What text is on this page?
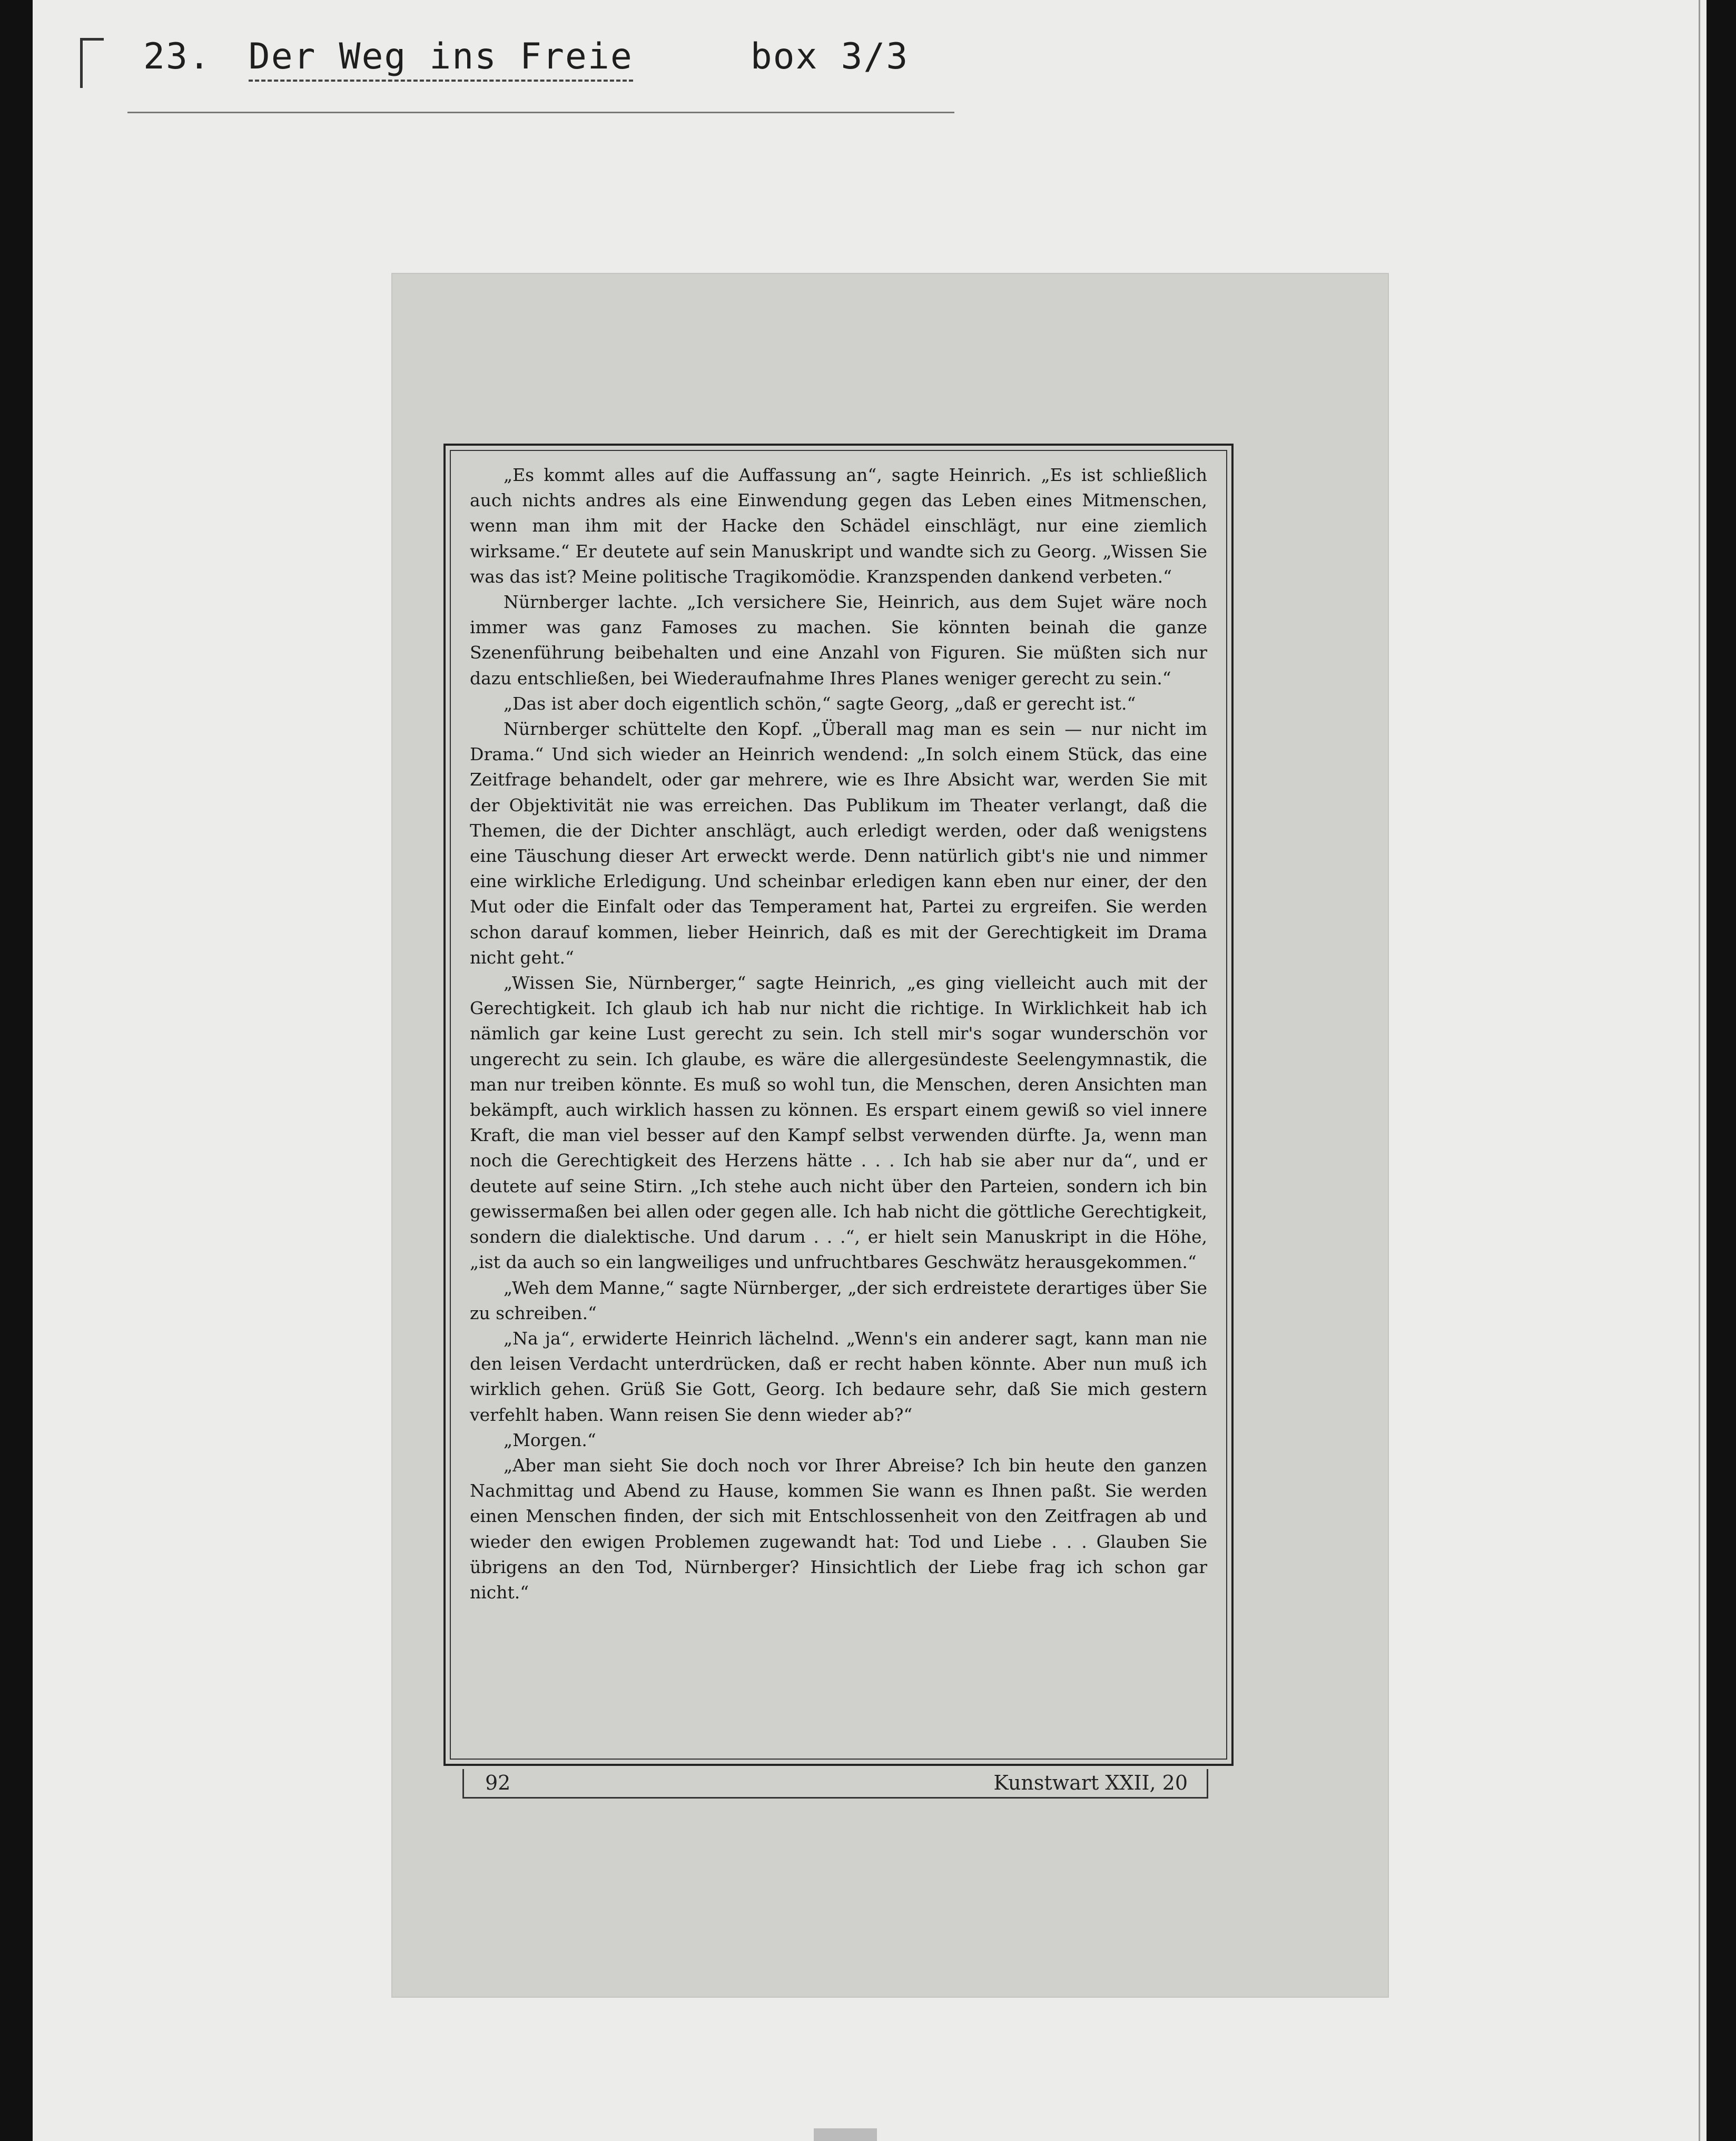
23. Der Weg ins Freie	box 3/3

„Es kommt alles auf die Auffassung an“, sagte Heinrich. „Es ist schließlich auch nichts andres als eine Einwendung gegen das Leben eines Mitmenschen, wenn man ihm mit der Hacke den Schädel einschlägt, nur eine ziemlich wirksame.“ Er deutete auf sein Manuskript und wandte sich zu Georg. „Wissen Sie was das ist? Meine politische Tragikomödie. Kranzspenden dankend verbeten.“

Nürnberger lachte. „Ich versichere Sie, Heinrich, aus dem Sujet wäre noch immer was ganz Famoses zu machen. Sie könnten beinah die ganze Szenenführung beibehalten und eine Anzahl von Figuren. Sie müßten sich nur dazu entschließen, bei Wiederaufnahme Ihres Planes weniger gerecht zu sein.“

„Das ist aber doch eigentlich schön,“ sagte Georg, „daß er gerecht ist.“

Nürnberger schüttelte den Kopf. „Überall mag man es sein — nur nicht im Drama.“ Und sich wieder an Heinrich wendend: „In solch einem Stück, das eine Zeitfrage behandelt, oder gar mehrere, wie es Ihre Absicht war, werden Sie mit der Objektivität nie was erreichen. Das Publikum im Theater verlangt, daß die Themen, die der Dichter anschlägt, auch erledigt werden, oder daß wenigstens eine Täuschung dieser Art erweckt werde. Denn natürlich gibt's nie und nimmer eine wirkliche Erledigung. Und scheinbar erledigen kann eben nur einer, der den Mut oder die Einfalt oder das Temperament hat, Partei zu ergreifen. Sie werden schon darauf kommen, lieber Heinrich, daß es mit der Gerechtigkeit im Drama nicht geht.“

„Wissen Sie, Nürnberger,“ sagte Heinrich, „es ging vielleicht auch mit der Gerechtigkeit. Ich glaub ich hab nur nicht die richtige. In Wirklichkeit hab ich nämlich gar keine Lust gerecht zu sein. Ich stell mir's sogar wunderschön vor ungerecht zu sein. Ich glaube, es wäre die allergesündeste Seelengymnastik, die man nur treiben könnte. Es muß so wohl tun, die Menschen, deren Ansichten man bekämpft, auch wirklich hassen zu können. Es erspart einem gewiß so viel innere Kraft, die man viel besser auf den Kampf selbst verwenden dürfte. Ja, wenn man noch die Gerechtigkeit des Herzens hätte . . . Ich hab sie aber nur da“, und er deutete auf seine Stirn. „Ich stehe auch nicht über den Parteien, sondern ich bin gewissermaßen bei allen oder gegen alle. Ich hab nicht die göttliche Gerechtigkeit, sondern die dialektische. Und darum . . .“, er hielt sein Manuskript in die Höhe, „ist da auch so ein langweiliges und unfruchtbares Geschwätz herausgekommen.“

„Weh dem Manne,“ sagte Nürnberger, „der sich erdreistete derartiges über Sie zu schreiben.“

„Na ja“, erwiderte Heinrich lächelnd. „Wenn's ein anderer sagt, kann man nie den leisen Verdacht unterdrücken, daß er recht haben könnte. Aber nun muß ich wirklich gehen. Grüß Sie Gott, Georg. Ich bedaure sehr, daß Sie mich gestern verfehlt haben. Wann reisen Sie denn wieder ab?“

„Morgen.“

„Aber man sieht Sie doch noch vor Ihrer Abreise? Ich bin heute den ganzen Nachmittag und Abend zu Hause, kommen Sie wann es Ihnen paßt. Sie werden einen Menschen finden, der sich mit Entschlossenheit von den Zeitfragen ab und wieder den ewigen Problemen zugewandt hat: Tod und Liebe . . . Glauben Sie übrigens an den Tod, Nürnberger? Hinsichtlich der Liebe frag ich schon gar nicht.“

92	Kunstwart XXII, 20
